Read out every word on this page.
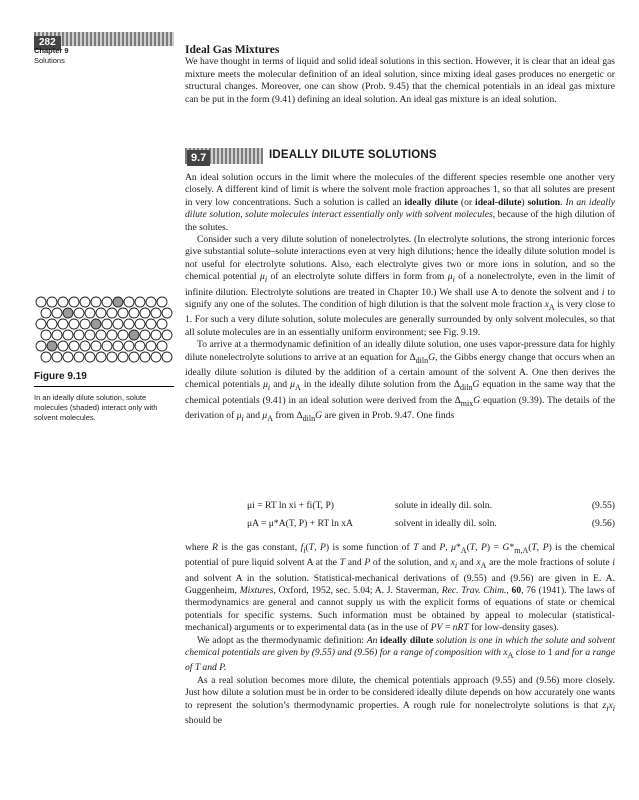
282
Chapter 9
Solutions
Figure 9.19
In an ideally dilute solution, solute molecules (shaded) interact only with solvent molecules.
Ideal Gas Mixtures

We have thought in terms of liquid and solid ideal solutions in this section. However, it is clear that an ideal gas mixture meets the molecular definition of an ideal solution, since mixing ideal gases produces no energetic or structural changes. Moreover, one can show (Prob. 9.45) that the chemical potentials in an ideal gas mixture can be put in the form (9.41) defining an ideal solution. An ideal gas mixture is an ideal solution.

9.7	IDEALLY DILUTE SOLUTIONS

An ideal solution occurs in the limit where the molecules of the different species resemble one another very closely. A different kind of limit is where the solvent mole fraction approaches 1, so that all solutes are present in very low concentrations. Such a solution is called an ideally dilute (or ideal-dilute) solution. In an ideally dilute solution, solute molecules interact essentially only with solvent molecules, because of the high dilution of the solutes.

Consider such a very dilute solution of nonelectrolytes. (In electrolyte solutions, the strong interionic forces give substantial solute–solute interactions even at very high dilutions; hence the ideally dilute solution model is not useful for electrolyte solutions. Also, each electrolyte gives two or more ions in solution, and so the chemical potential $\mu_i$ of an electrolyte solute differs in form from $\mu_i$ of a nonelectrolyte, even in the limit of infinite dilution. Electrolyte solutions are treated in Chapter 10.) We shall use A to denote the solvent and i to signify any one of the solutes. The condition of high dilution is that the solvent mole fraction $x_A$ is very close to 1. For such a very dilute solution, solute molecules are generally surrounded by only solvent molecules, so that all solute molecules are in an essentially uniform environment; see Fig. 9.19.

To arrive at a thermodynamic definition of an ideally dilute solution, one uses vapor-pressure data for highly dilute nonelectrolyte solutions to arrive at an equation for $\Delta_{diln}G$, the Gibbs energy change that occurs when an ideally dilute solution is diluted by the addition of a certain amount of the solvent A. One then derives the chemical potentials $\mu_i$ and $\mu_A$ in the ideally dilute solution from the $\Delta_{diln}G$ equation in the same way that the chemical potentials (9.41) in an ideal solution were derived from the $\Delta_{mix}G$ equation (9.39). The details of the derivation of $\mu_i$ and $\mu_A$ from $\Delta_{diln}G$ are given in Prob. 9.47. One finds

μi = RT ln xi + fi(T, P)	solute in ideally dil. soln.	(9.55)
μA = μ*A(T, P) + RT ln xA	solvent in ideally dil. soln.	(9.56)

where R is the gas constant, $f_i(T$, P) is some function of T and P, $\mu*_A(T$, $P) = G*_{m,A}(T$, P) is the chemical potential of pure liquid solvent A at the T and P of the solution, and $x_i$ and $x_A$ are the mole fractions of solute i and solvent A in the solution. Statistical-mechanical derivations of (9.55) and (9.56) are given in E. A. Guggenheim, Mixtures, Oxford, 1952, sec. 5.04; A. J. Staverman, Rec. Trav. Chim., 60, 76 (1941). The laws of thermodynamics are general and cannot supply us with the explicit forms of equations of state or chemical potentials for specific systems. Such information must be obtained by appeal to molecular (statistical-mechanical) arguments or to experimental data (as in the use of PV = nRT for low-density gases).

We adopt as the thermodynamic definition: An ideally dilute solution is one in which the solute and solvent chemical potentials are given by (9.55) and (9.56) for a range of composition with $x_A$ close to 1 and for a range of T and P.

As a real solution becomes more dilute, the chemical potentials approach (9.55) and (9.56) more closely. Just how dilute a solution must be in order to be considered ideally dilute depends on how accurately one wants to represent the solution’s thermodynamic properties. A rough rule for nonelectrolyte solutions is that $z_ix_i$ should be
